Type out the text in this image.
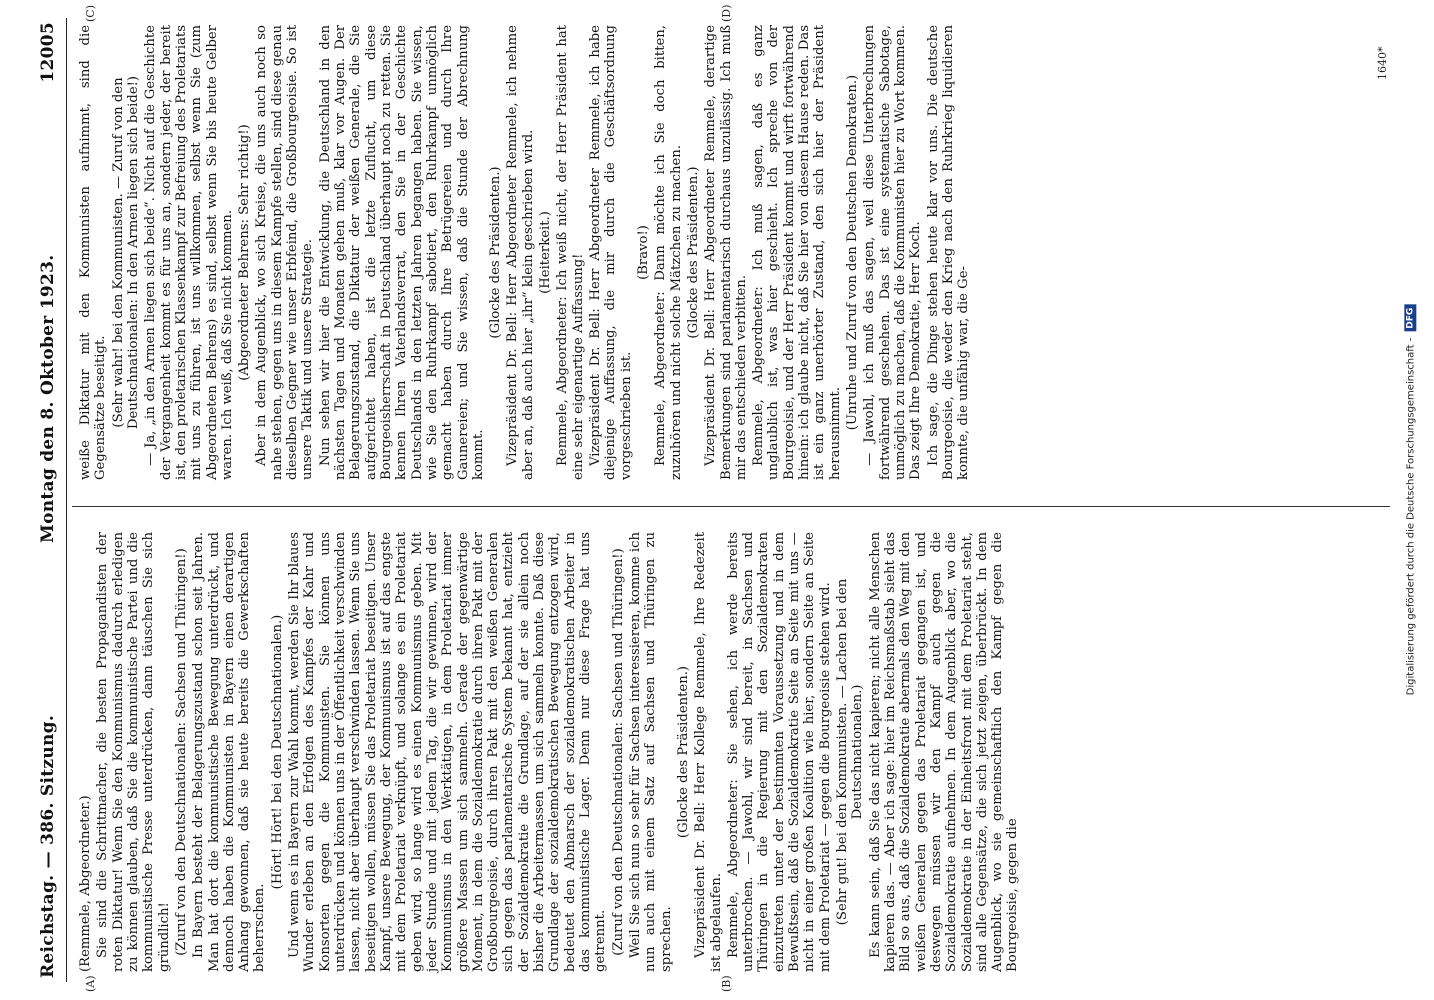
Reichstag. — 386. Sitzung.
Montag den 8. Oktober 1923.
12005
(A)	(B)
(C)	(D)
1640*

(Remmele, Abgeordneter.) Sie sind die Schrittmacher, die besten Propagandisten der roten Diktatur! Wenn Sie den Kommunismus dadurch erledigen zu können glauben, daß Sie die kommunistische Partei und die kommunistische Presse unterdrücken, dann täuschen Sie sich gründlich! (Zuruf von den Deutschnationalen: Sachsen und Thüringen!) In Bayern besteht der Belagerungszustand schon seit Jahren. Man hat dort die kommunistische Bewegung unterdrückt, und dennoch haben die Kommunisten in Bayern einen derartigen Anhang gewonnen, daß sie heute bereits die Gewerkschaften beherrschen.

(Hört! Hört! bei den Deutschnationalen.) Und wenn es in Bayern zur Wahl kommt, werden Sie Ihr blaues Wunder erleben an den Erfolgen des Kampfes der Kahr und Konsorten gegen die Kommunisten. Sie können uns unterdrücken und können uns in der Öffentlichkeit verschwinden lassen, nicht aber überhaupt verschwinden lassen. Wenn Sie uns beseitigen wollen, müssen Sie das Proletariat beseitigen. Unser Kampf, unsere Bewegung, der Kommunismus ist auf das engste mit dem Proletariat verknüpft, und solange es ein Proletariat geben wird, so lange wird es einen Kommunismus geben. Mit jeder Stunde und mit jedem Tag, die wir gewinnen, wird der Kommunismus in den Werktätigen, in dem Proletariat immer größere Massen um sich sammeln. Gerade der gegenwärtige Moment, in dem die Sozialdemokratie durch ihren Pakt mit der Großbourgeoisie, durch ihren Pakt mit den weißen Generalen sich gegen das parlamentarische System bekannt hat, entzieht der Sozialdemokratie die Grundlage, auf der sie allein noch bisher die Arbeitermassen um sich sammeln konnte. Daß diese Grundlage der sozialdemokratischen Bewegung entzogen wird, bedeutet den Abmarsch der sozialdemokratischen Arbeiter in das kommunistische Lager. Denn nur diese Frage hat uns getrennt. (Zuruf von den Deutschnationalen: Sachsen und Thüringen!) Weil Sie sich nun so sehr für Sachsen interessieren, komme ich nun auch mit einem Satz auf Sachsen und Thüringen zu sprechen.

(Glocke des Präsidenten.) Vizepräsident Dr. Bell: Herr Kollege Remmele, Ihre Redezeit ist abgelaufen. Remmele, Abgeordneter: Sie sehen, ich werde bereits unterbrochen. — Jawohl, wir sind bereit, in Sachsen und Thüringen in die Regierung mit den Sozialdemokraten einzutreten unter der bestimmten Voraussetzung und in dem Bewußtsein, daß die Sozialdemokratie Seite an Seite mit uns — nicht in einer großen Koalition wie hier, sondern Seite an Seite mit dem Proletariat — gegen die Bourgeoisie stehen wird. (Sehr gut! bei den Kommunisten. — Lachen bei den Deutschnationalen.) Es kann sein, daß Sie das nicht kapieren; nicht alle Menschen kapieren das. — Aber ich sage: hier im Reichsmaßstab sieht das Bild so aus, daß die Sozialdemokratie abermals den Weg mit den weißen Generalen gegen das Proletariat gegangen ist, und deswegen müssen wir den Kampf auch gegen die Sozialdemokratie aufnehmen. In dem Augenblick aber, wo die Sozialdemokratie in der Einheitsfront mit dem Proletariat steht, sind alle Gegensätze, die sich jetzt zeigen, überbrückt. In dem Augenblick, wo sie gemeinschaftlich den Kampf gegen die Bourgeoisie, gegen die

weiße Diktatur mit den Kommunisten aufnimmt, sind die Gegensätze beseitigt. (Sehr wahr! bei den Kommunisten. — Zuruf von den Deutschnationalen: In den Armen liegen sich beide!) — Ja, „in den Armen liegen sich beide“. Nicht auf die Geschichte der Vergangenheit kommt es für uns an, sondern jeder, der bereit ist, den proletarischen Klassenkampf zur Befreiung des Proletariats mit uns zu führen, ist uns willkommen, selbst wenn Sie (zum Abgeordneten Behrens) es sind, selbst wenn Sie bis heute Gelber waren. Ich weiß, daß Sie nicht kommen. (Abgeordneter Behrens: Sehr richtig!) Aber in dem Augenblick, wo sich Kreise, die uns auch noch so nahe stehen, gegen uns in diesem Kampfe stellen, sind diese genau dieselben Gegner wie unser Erbfeind, die Großbourgeoisie. So ist unsere Taktik und unsere Strategie. Nun sehen wir hier die Entwicklung, die Deutschland in den nächsten Tagen und Monaten gehen muß, klar vor Augen. Der Belagerungszustand, die Diktatur der weißen Generale, die Sie aufgerichtet haben, ist die letzte Zuflucht, um diese Bourgeoisherrschaft in Deutschland überhaupt noch zu retten. Sie kennen Ihren Vaterlandsverrat, den Sie in der Geschichte Deutschlands in den letzten Jahren begangen haben. Sie wissen, wie Sie den Ruhrkampf sabotiert, den Ruhrkampf unmöglich gemacht haben durch Ihre Betrügereien und durch Ihre Gaunereien; und Sie wissen, daß die Stunde der Abrechnung kommt.

(Glocke des Präsidenten.) Vizepräsident Dr. Bell: Herr Abgeordneter Remmele, ich nehme aber an, daß auch hier „ihr“ klein geschrieben wird. (Heiterkeit.) Remmele, Abgeordneter: Ich weiß nicht, der Herr Präsident hat eine sehr eigenartige Auffassung! Vizepräsident Dr. Bell: Herr Abgeordneter Remmele, ich habe diejenige Auffassung, die mir durch die Geschäftsordnung vorgeschrieben ist.

(Bravo!) Remmele, Abgeordneter: Dann möchte ich Sie doch bitten, zuzuhören und nicht solche Mätzchen zu machen. (Glocke des Präsidenten.) Vizepräsident Dr. Bell: Herr Abgeordneter Remmele, derartige Bemerkungen sind parlamentarisch durchaus unzulässig. Ich muß mir das entschieden verbitten. Remmele, Abgeordneter: Ich muß sagen, daß es ganz unglaublich ist, was hier geschieht. Ich spreche von der Bourgeoisie, und der Herr Präsident kommt und wirft fortwährend hinein: ich glaube nicht, daß Sie hier von diesem Hause reden. Das ist ein ganz unerhörter Zustand, den sich hier der Präsident herausnimmt.

(Unruhe und Zuruf von den Deutschen Demokraten.) — Jawohl, ich muß das sagen, weil diese Unterbrechungen fortwährend geschehen. Das ist eine systematische Sabotage, unmöglich zu machen, daß die Kommunisten hier zu Wort kommen. Das zeigt Ihre Demokratie, Herr Koch. Ich sage, die Dinge stehen heute klar vor uns. Die deutsche Bourgeoisie, die weder den Krieg nach den Ruhrkrieg liquidieren konnte, die unfähig war, die Ge-	Digitalisierung gefördert durch die Deutsche Forschungsgemeinschaft -
DFG
